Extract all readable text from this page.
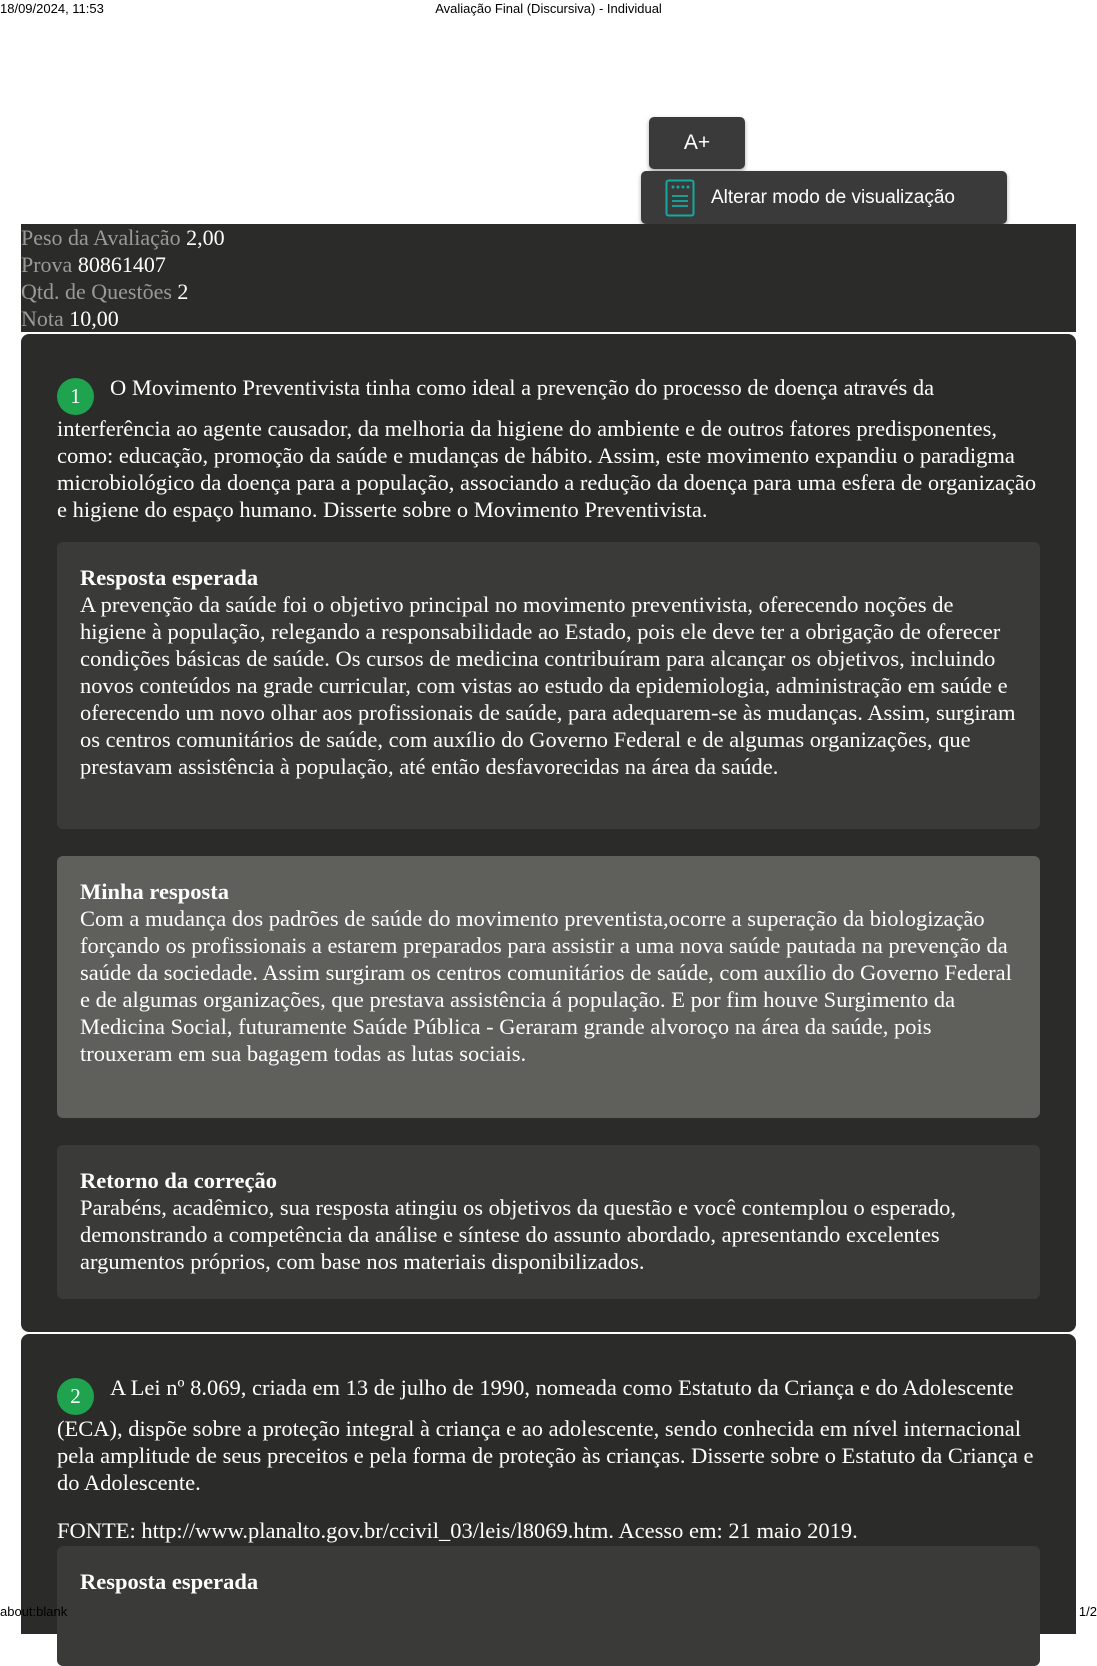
18/09/2024, 11:53	Avaliação Final (Discursiva) - Individual
A+
Alterar modo de visualização
Peso da Avaliação 2,00
Prova 80861407
Qtd. de Questões 2
Nota 10,00

1 O Movimento Preventivista tinha como ideal a prevenção do processo de doença através da interferência ao agente causador, da melhoria da higiene do ambiente e de outros fatores predisponentes, como: educação, promoção da saúde e mudanças de hábito. Assim, este movimento expandiu o paradigma microbiológico da doença para a população, associando a redução da doença para uma esfera de organização e higiene do espaço humano. Disserte sobre o Movimento Preventivista.

Resposta esperada

A prevenção da saúde foi o objetivo principal no movimento preventivista, oferecendo noções de higiene à população, relegando a responsabilidade ao Estado, pois ele deve ter a obrigação de oferecer condições básicas de saúde. Os cursos de medicina contribuíram para alcançar os objetivos, incluindo novos conteúdos na grade curricular, com vistas ao estudo da epidemiologia, administração em saúde e oferecendo um novo olhar aos profissionais de saúde, para adequarem-se às mudanças. Assim, surgiram os centros comunitários de saúde, com auxílio do Governo Federal e de algumas organizações, que prestavam assistência à população, até então desfavorecidas na área da saúde.

Minha resposta

Com a mudança dos padrões de saúde do movimento preventista,ocorre a superação da biologização forçando os profissionais a estarem preparados para assistir a uma nova saúde pautada na prevenção da saúde da sociedade. Assim surgiram os centros comunitários de saúde, com auxílio do Governo Federal e de algumas organizações, que prestava assistência á população. E por fim houve Surgimento da Medicina Social, futuramente Saúde Pública - Geraram grande alvoroço na área da saúde, pois trouxeram em sua bagagem todas as lutas sociais.

Retorno da correção

Parabéns, acadêmico, sua resposta atingiu os objetivos da questão e você contemplou o esperado, demonstrando a competência da análise e síntese do assunto abordado, apresentando excelentes argumentos próprios, com base nos materiais disponibilizados.

2 A Lei nº 8.069, criada em 13 de julho de 1990, nomeada como Estatuto da Criança e do Adolescente (ECA), dispõe sobre a proteção integral à criança e ao adolescente, sendo conhecida em nível internacional pela amplitude de seus preceitos e pela forma de proteção às crianças. Disserte sobre o Estatuto da Criança e do Adolescente.

FONTE: http://www.planalto.gov.br/ccivil_03/leis/l8069.htm. Acesso em: 21 maio 2019.

Resposta esperada
about:blank	1/2
